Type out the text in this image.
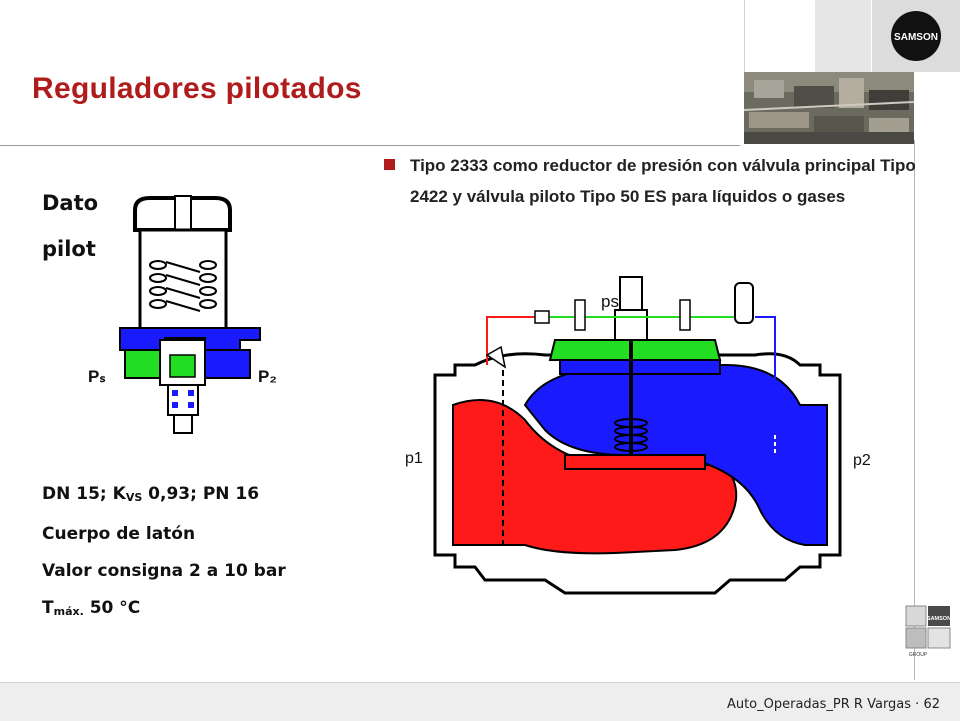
SAMSON
Reguladores pilotados
Tipo 2333 como reductor de presión con válvula principal Tipo 2422 y válvula piloto Tipo 50 ES para líquidos o gases
Dato
pilot
Pₛ	P₂
DN 15; $K_{VS}$ 0,93; PN 16
Cuerpo de latón
Valor consigna 2 a 10 bar
$T_{máx.}$ 50 °C
ps
p1	p2
SAMSON
GROUP
Auto_Operadas_PR R Vargas · 62
